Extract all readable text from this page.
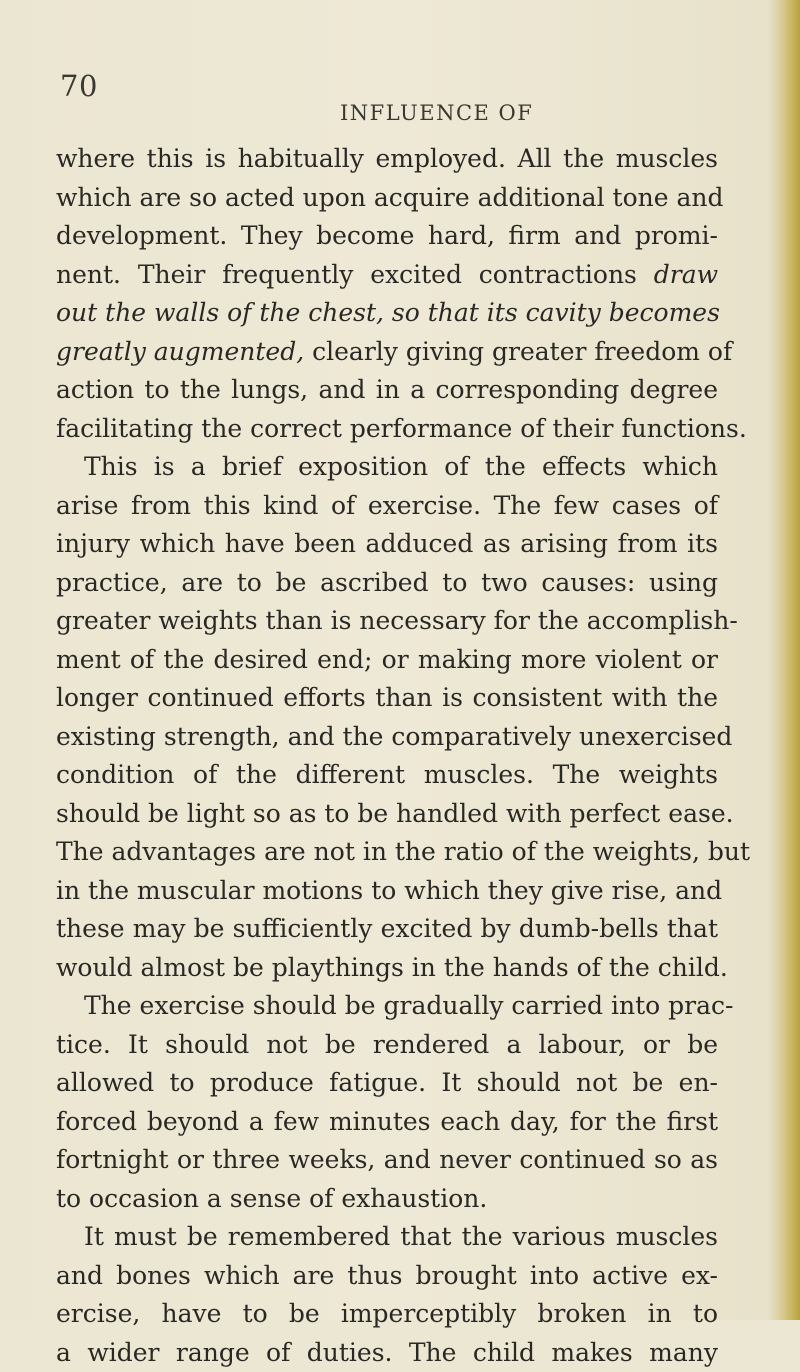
70
INFLUENCE OF
where this is habitually employed. All the muscles
which are so acted upon acquire additional tone and
development. They become hard, firm and promi-
nent. Their frequently excited contractions draw
out the walls of the chest, so that its cavity becomes
greatly augmented, clearly giving greater freedom of
action to the lungs, and in a corresponding degree
facilitating the correct performance of their functions.
This is a brief exposition of the effects which
arise from this kind of exercise. The few cases of
injury which have been adduced as arising from its
practice, are to be ascribed to two causes: using
greater weights than is necessary for the accomplish-
ment of the desired end; or making more violent or
longer continued efforts than is consistent with the
existing strength, and the comparatively unexercised
condition of the different muscles. The weights
should be light so as to be handled with perfect ease.
The advantages are not in the ratio of the weights, but
in the muscular motions to which they give rise, and
these may be sufficiently excited by dumb-bells that
would almost be playthings in the hands of the child.
The exercise should be gradually carried into prac-
tice. It should not be rendered a labour, or be
allowed to produce fatigue. It should not be en-
forced beyond a few minutes each day, for the first
fortnight or three weeks, and never continued so as
to occasion a sense of exhaustion.
It must be remembered that the various muscles
and bones which are thus brought into active ex-
ercise, have to be imperceptibly broken in to
a wider range of duties. The child makes many
